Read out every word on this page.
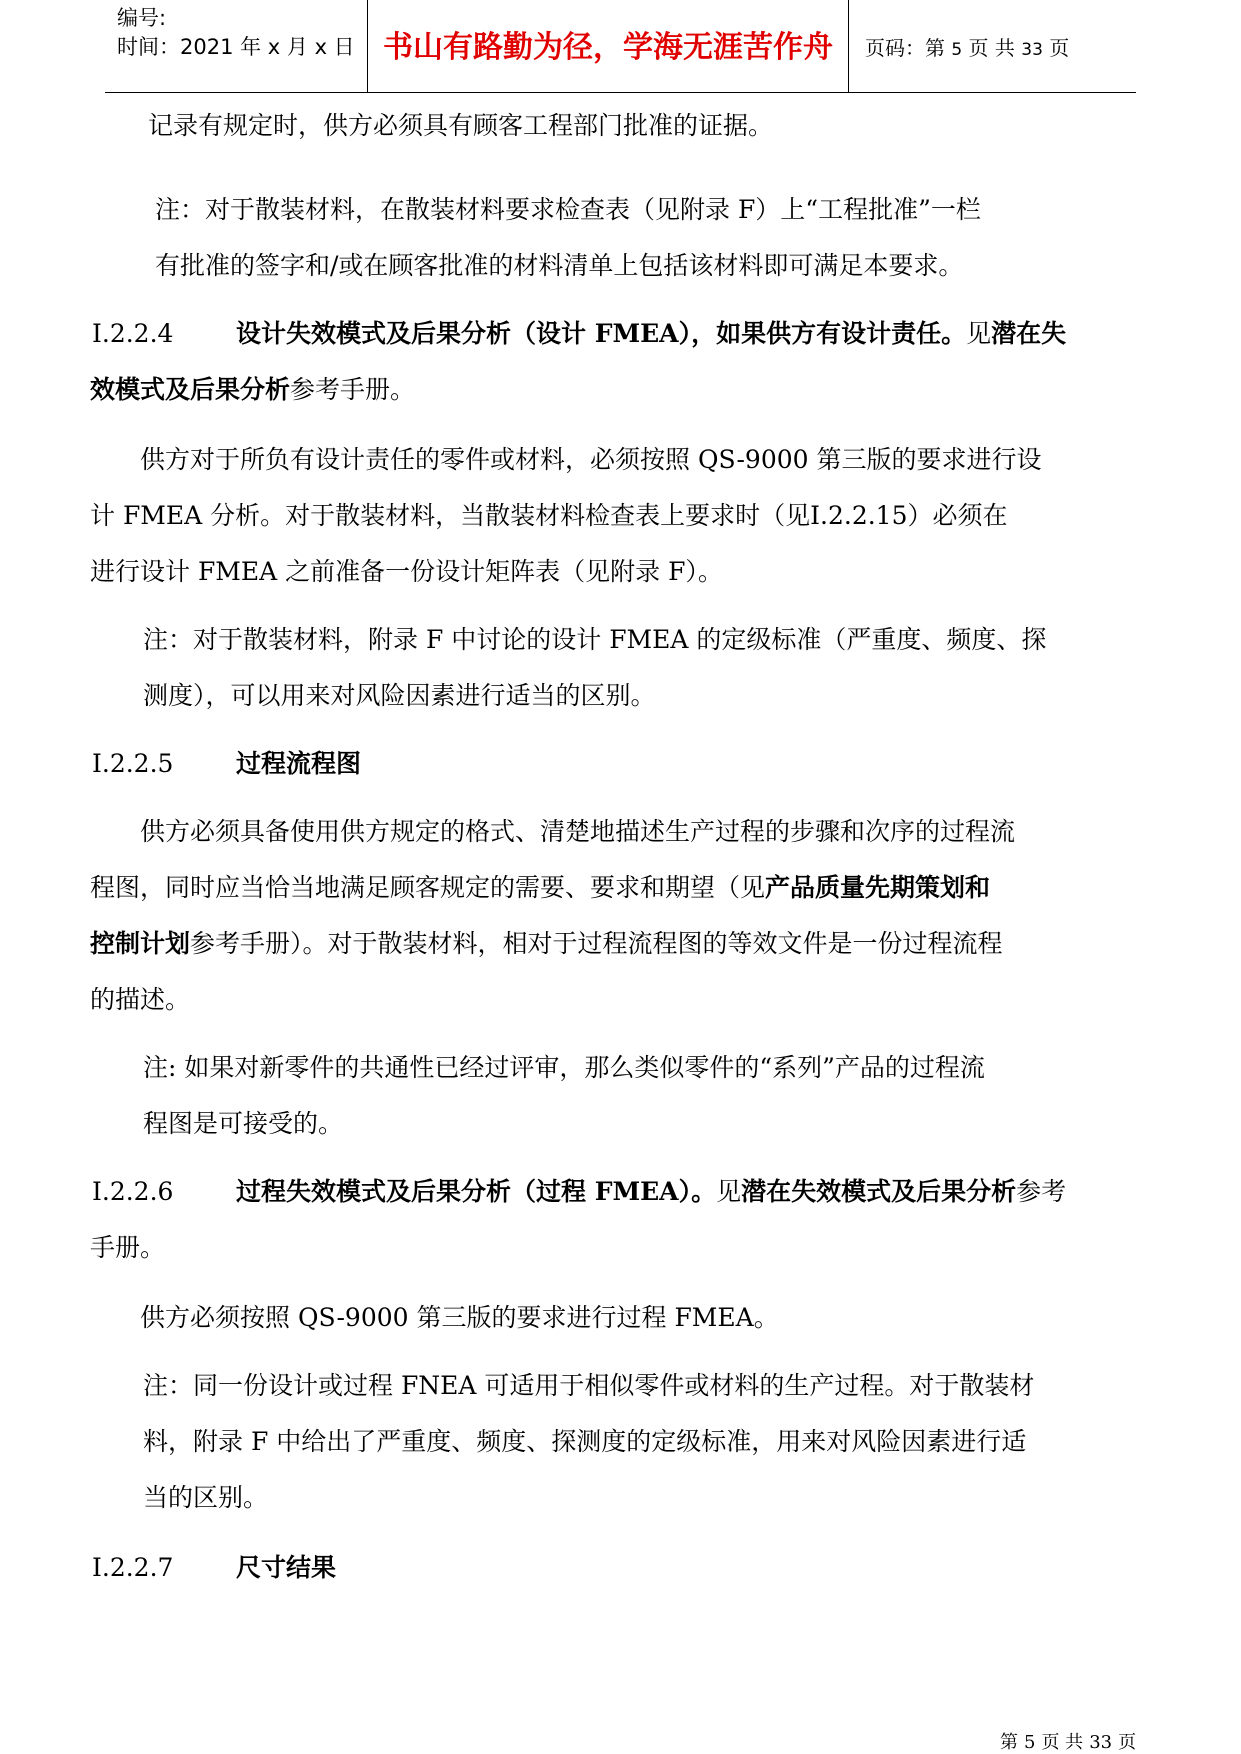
编号:
时间：2021 年 x 月 x 日 书山有路勤为径，学海无涯苦作舟	页码：第 5 页 共 33 页
记录有规定时，供方必须具有顾客工程部门批准的证据。
注：对于散装材料，在散装材料要求检查表（见附录 F）上“工程批准”一栏
有批准的签字和/或在顾客批准的材料清单上包括该材料即可满足本要求。
Ⅰ.2.2.4	设计失效模式及后果分析（设计 FMEA），如果供方有设计责任。见潜在失
效模式及后果分析参考手册。
供方对于所负有设计责任的零件或材料，必须按照 QS-9000 第三版的要求进行设
计 FMEA 分析。对于散装材料，当散装材料检查表上要求时（见Ⅰ.2.2.15）必须在
进行设计 FMEA 之前准备一份设计矩阵表（见附录 F）。
注：对于散装材料，附录 F 中讨论的设计 FMEA 的定级标准（严重度、频度、探
测度），可以用来对风险因素进行适当的区别。
Ⅰ.2.2.5	过程流程图
供方必须具备使用供方规定的格式、清楚地描述生产过程的步骤和次序的过程流
程图，同时应当恰当地满足顾客规定的需要、要求和期望（见产品质量先期策划和
控制计划参考手册）。对于散装材料，相对于过程流程图的等效文件是一份过程流程
的描述。
注: 如果对新零件的共通性已经过评审，那么类似零件的“系列”产品的过程流
程图是可接受的。
Ⅰ.2.2.6	过程失效模式及后果分析（过程 FMEA）。见潜在失效模式及后果分析参考
手册。
供方必须按照 QS-9000 第三版的要求进行过程 FMEA。
注：同一份设计或过程 FNEA 可适用于相似零件或材料的生产过程。对于散装材
料，附录 F 中给出了严重度、频度、探测度的定级标准，用来对风险因素进行适
当的区别。
Ⅰ.2.2.7	尺寸结果
第 5 页 共 33 页
